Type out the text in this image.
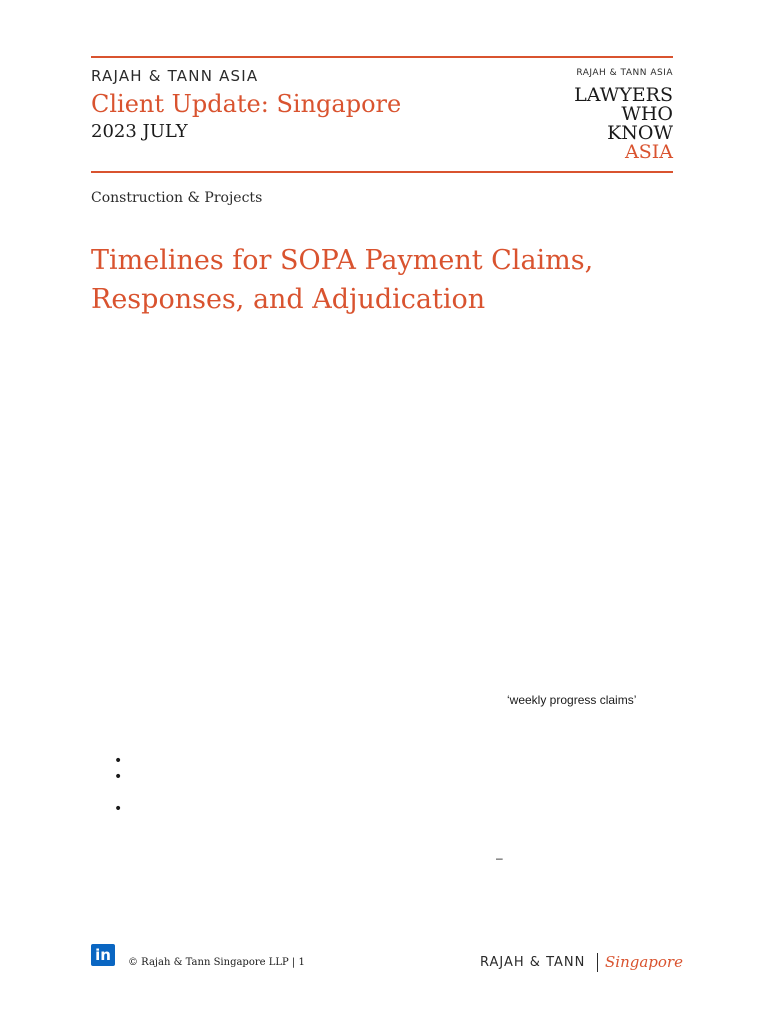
RAJAH & TANN ASIA
Client Update: Singapore
2023 JULY
RAJAH & TANN ASIA
LAWYERS
WHO
KNOW
ASIA
Construction & Projects
Timelines for SOPA Payment Claims,
Responses, and Adjudication
‘weekly progress claims’
•
•
•
–
in	© Rajah & Tann Singapore LLP | 1	RAJAH & TANN Singapore
